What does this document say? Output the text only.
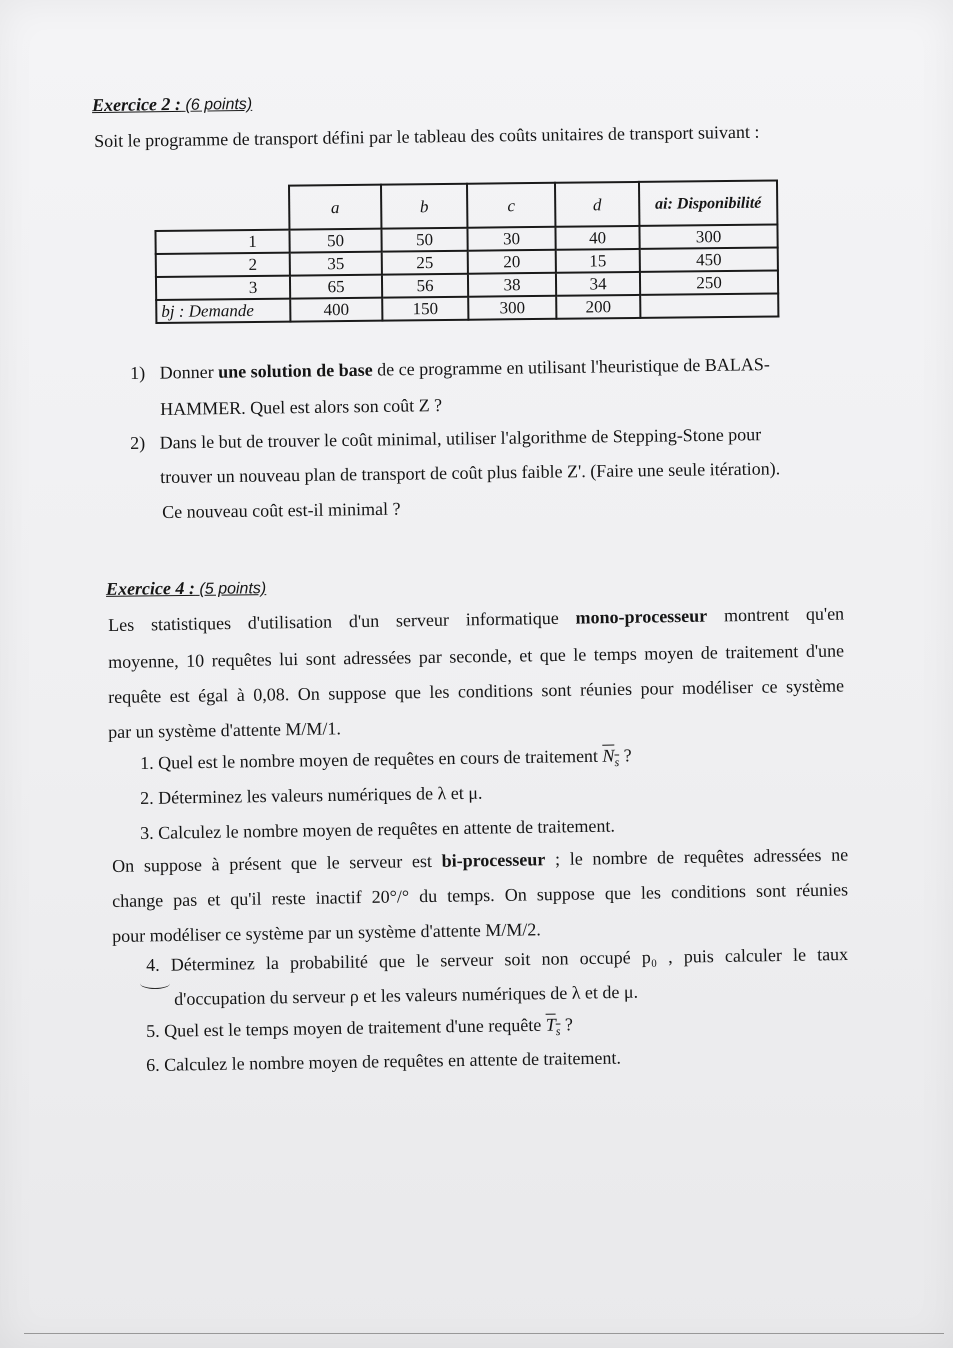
Exercice 2 : (6 points)
Soit le programme de transport défini par le tableau des coûts unitaires de transport suivant :
	a	b	c	d	ai: Disponibilité
1	50	50	30	40	300
2	35	25	20	15	450
3	65	56	38	34	250
bj : Demande	400	150	300	200	
1) Donner une solution de base de ce programme en utilisant l'heuristique de BALAS-
HAMMER. Quel est alors son coût Z ?
2) Dans le but de trouver le coût minimal, utiliser l'algorithme de Stepping-Stone pour
trouver un nouveau plan de transport de coût plus faible Z'. (Faire une seule itération).
Ce nouveau coût est-il minimal ?
Exercice 4 : (5 points)
Les statistiques d'utilisation d'un serveur informatique mono-processeur montrent qu'en
moyenne, 10 requêtes lui sont adressées par seconde, et que le temps moyen de traitement d'une
requête est égal à 0,08. On suppose que les conditions sont réunies pour modéliser ce système
par un système d'attente M/M/1.
1. Quel est le nombre moyen de requêtes en cours de traitement $N_s$ ?
2. Déterminez les valeurs numériques de λ et μ.
3. Calculez le nombre moyen de requêtes en attente de traitement.
On suppose à présent que le serveur est bi-processeur ; le nombre de requêtes adressées ne
change pas et qu'il reste inactif 20°/° du temps. On suppose que les conditions sont réunies
pour modéliser ce système par un système d'attente M/M/2.
4. Déterminez la probabilité que le serveur soit non occupé p₀ , puis calculer le taux
d'occupation du serveur ρ et les valeurs numériques de λ et de μ.
5. Quel est le temps moyen de traitement d'une requête $T_s$ ?
6. Calculez le nombre moyen de requêtes en attente de traitement.
